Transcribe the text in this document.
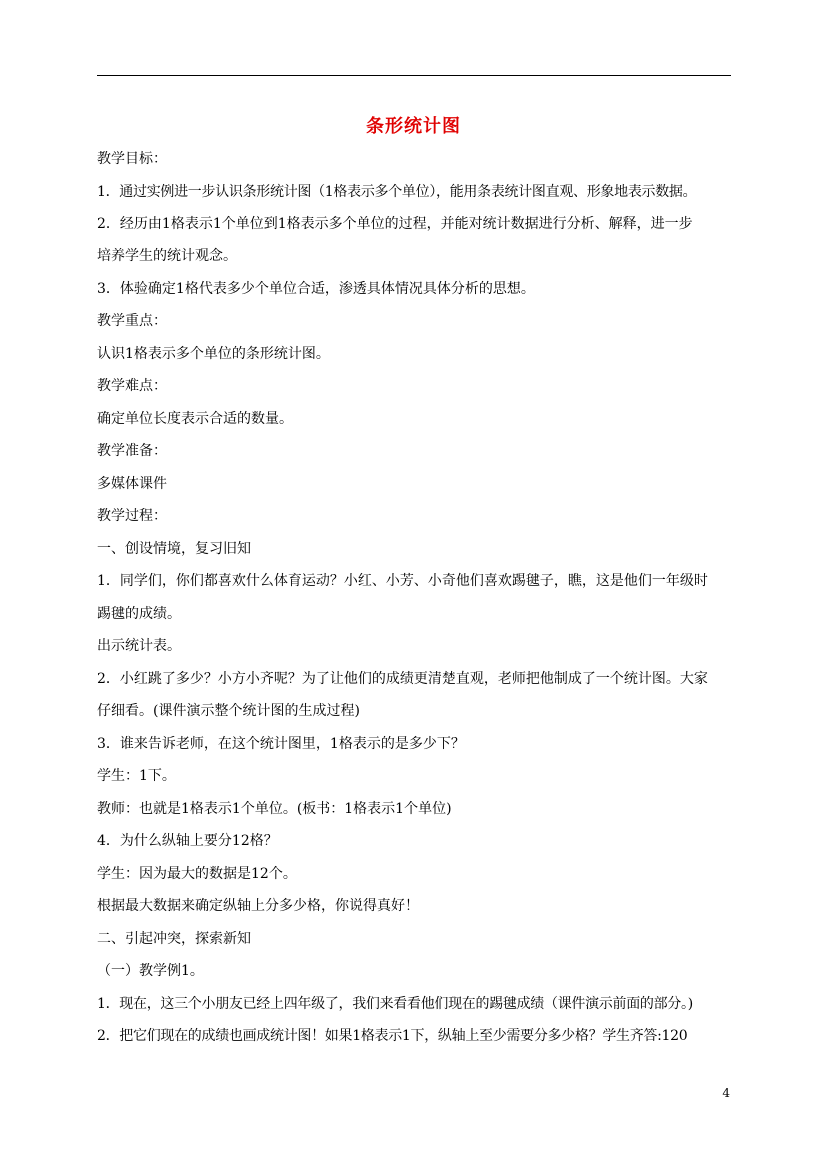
条形统计图
教学目标：
1．通过实例进一步认识条形统计图（1格表示多个单位），能用条表统计图直观、形象地表示数据。
2．经历由1格表示1个单位到1格表示多个单位的过程，并能对统计数据进行分析、解释，进一步
培养学生的统计观念。
3．体验确定1格代表多少个单位合适，渗透具体情况具体分析的思想。
教学重点：
认识1格表示多个单位的条形统计图。
教学难点：
确定单位长度表示合适的数量。
教学准备：
多媒体课件
教学过程：
一、创设情境，复习旧知
1．同学们，你们都喜欢什么体育运动？小红、小芳、小奇他们喜欢踢毽子，瞧，这是他们一年级时
踢毽的成绩。
出示统计表。
2．小红跳了多少？小方小齐呢？为了让他们的成绩更清楚直观，老师把他制成了一个统计图。大家
仔细看。(课件演示整个统计图的生成过程)
3．谁来告诉老师，在这个统计图里，1格表示的是多少下？
学生：1下。
教师：也就是1格表示1个单位。(板书：1格表示1个单位)
4．为什么纵轴上要分12格？
学生：因为最大的数据是12个。
根据最大数据来确定纵轴上分多少格，你说得真好！
二、引起冲突，探索新知
（一）教学例1。
1．现在，这三个小朋友已经上四年级了，我们来看看他们现在的踢毽成绩（课件演示前面的部分。)
2．把它们现在的成绩也画成统计图！如果1格表示1下，纵轴上至少需要分多少格？学生齐答:120
4
